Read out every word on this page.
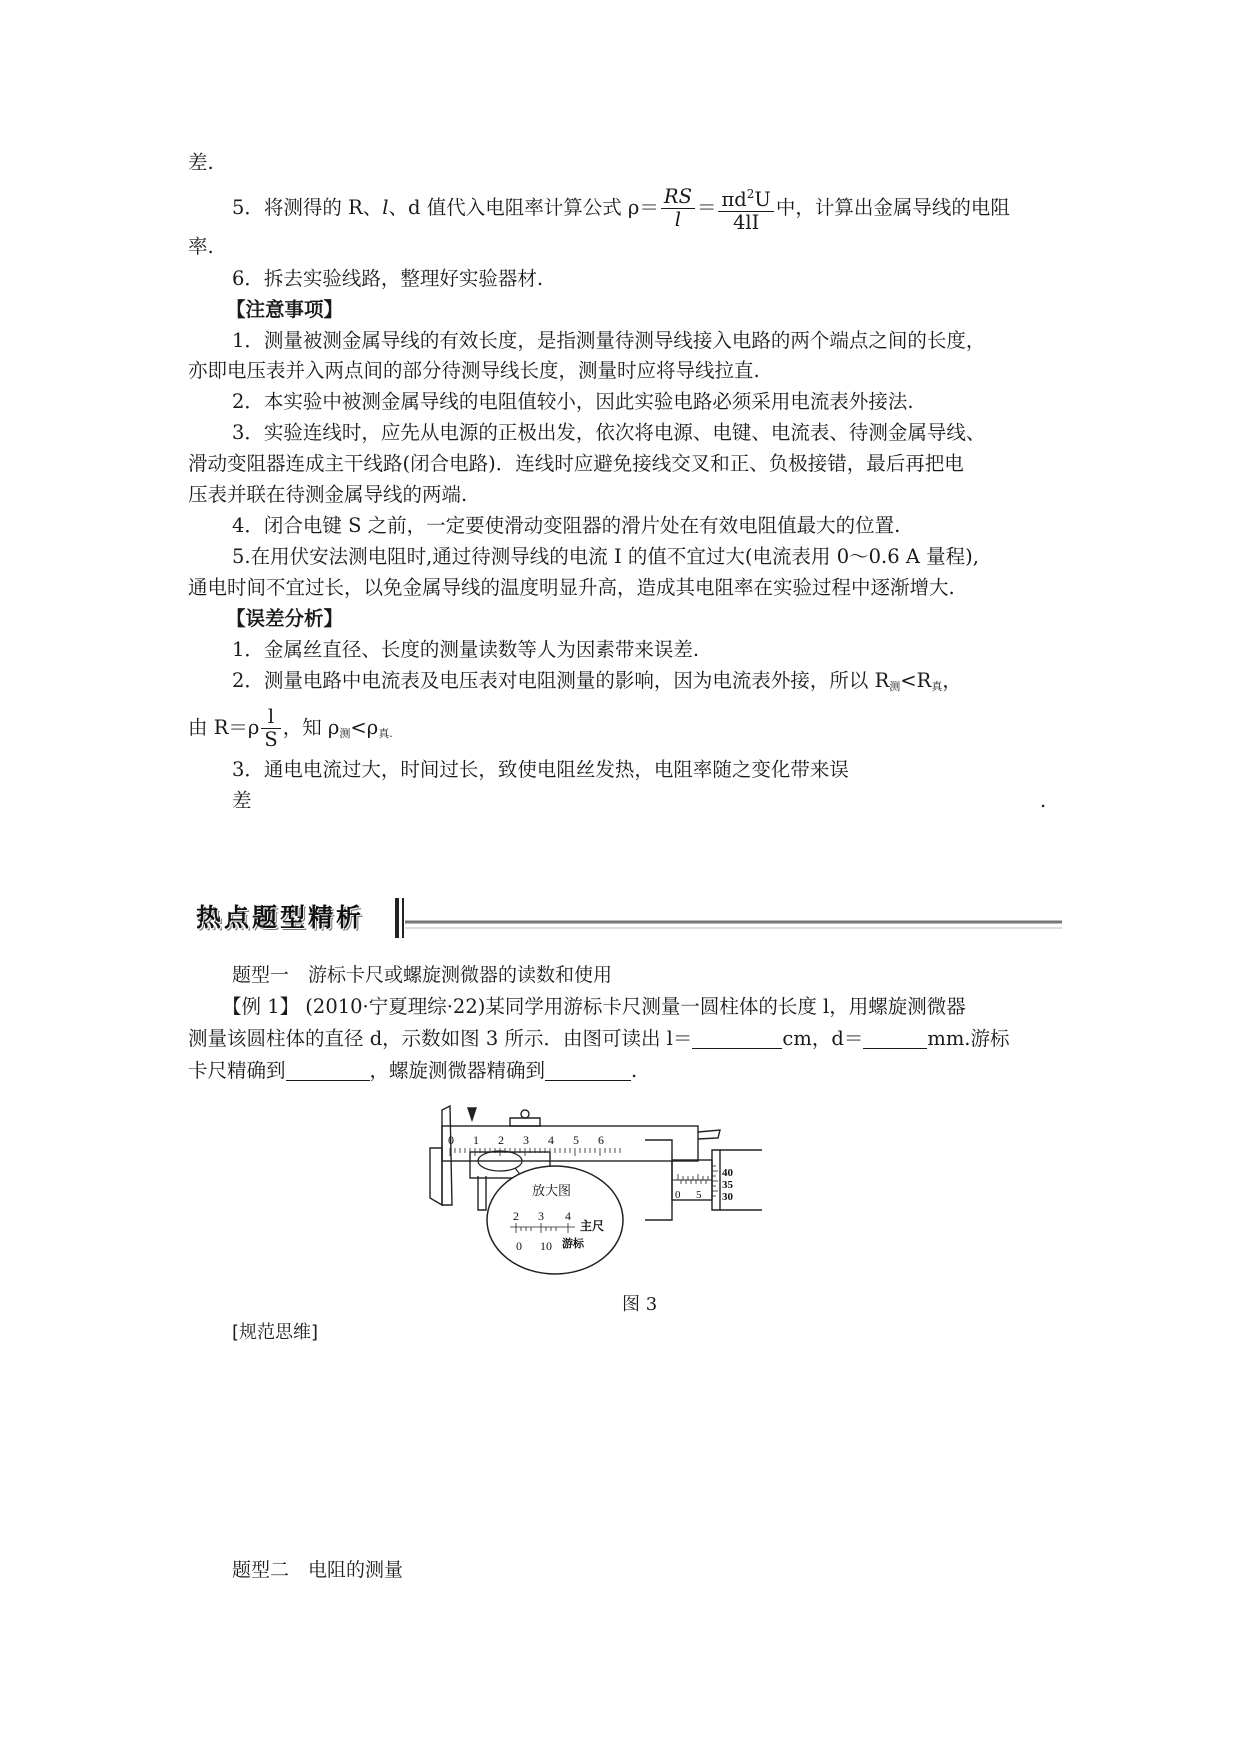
差.
5．将测得的 R、l、d 值代入电阻率计算公式 $\rho= \frac{RS}{l} = \frac{\pi d^2U}{4lI}$ 中，计算出金属导线的电阻
率.
6．拆去实验线路，整理好实验器材.
【注意事项】
1．测量被测金属导线的有效长度，是指测量待测导线接入电路的两个端点之间的长度，
亦即电压表并入两点间的部分待测导线长度，测量时应将导线拉直.
2．本实验中被测金属导线的电阻值较小，因此实验电路必须采用电流表外接法.
3．实验连线时，应先从电源的正极出发，依次将电源、电键、电流表、待测金属导线、
滑动变阻器连成主干线路(闭合电路)．连线时应避免接线交叉和正、负极接错，最后再把电
压表并联在待测金属导线的两端.
4．闭合电键 S 之前，一定要使滑动变阻器的滑片处在有效电阻值最大的位置.
5.在用伏安法测电阻时,通过待测导线的电流 I 的值不宜过大(电流表用 0～0.6 A 量程),
通电时间不宜过长，以免金属导线的温度明显升高，造成其电阻率在实验过程中逐渐增大.
【误差分析】
1．金属丝直径、长度的测量读数等人为因素带来误差.
2．测量电路中电流表及电压表对电阻测量的影响，因为电流表外接，所以 $R_测<R_真$，
由 $R=\rho \frac{l}{S}$ ，知 $\rho_测<\rho_{真.}$
3．通电电流过大，时间过长，致使电阻丝发热，电阻率随之变化带来误
差	.
热点题型精析
题型一　游标卡尺或螺旋测微器的读数和使用
【例 1】 (2010·宁夏理综·22)某同学用游标卡尺测量一圆柱体的长度 l，用螺旋测微器
测量该圆柱体的直径 d，示数如图 3 所示．由图可读出 l＝	cm，d＝	mm.游标
卡尺精确到	，螺旋测微器精确到	.
0 1 2 3 4 5 6
放大图
2 3 4
主尺
0 10 游标
0 5
40
35
30
图 3
[规范思维]
题型二　电阻的测量
